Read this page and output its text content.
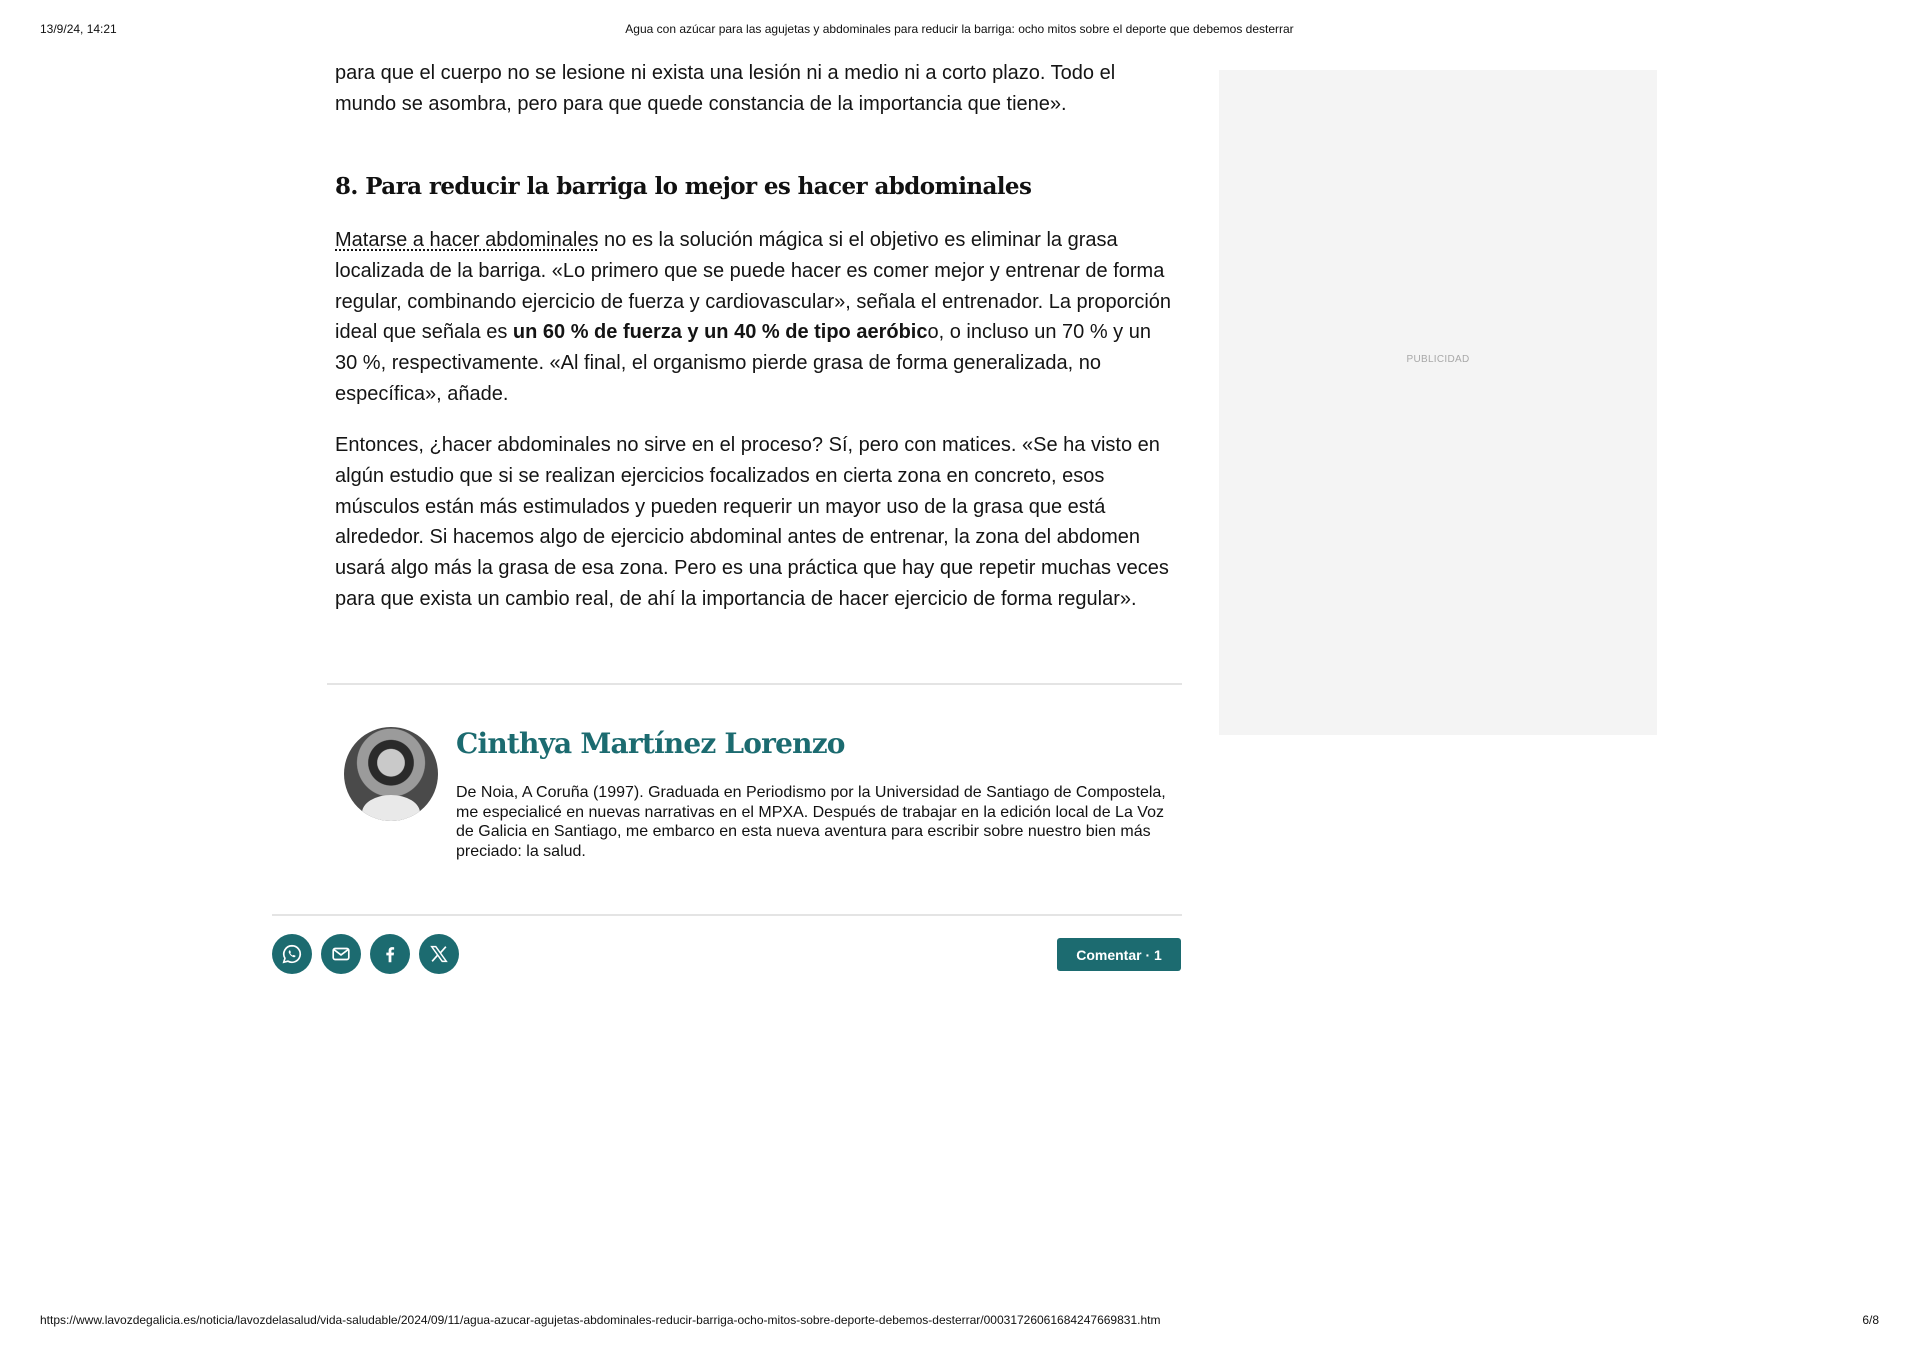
13/9/24, 14:21	Agua con azúcar para las agujetas y abdominales para reducir la barriga: ocho mitos sobre el deporte que debemos desterrar

para que el cuerpo no se lesione ni exista una lesión ni a medio ni a corto plazo. Todo el mundo se asombra, pero para que quede constancia de la importancia que tiene».

8. Para reducir la barriga lo mejor es hacer abdominales

Matarse a hacer abdominales no es la solución mágica si el objetivo es eliminar la grasa localizada de la barriga. «Lo primero que se puede hacer es comer mejor y entrenar de forma regular, combinando ejercicio de fuerza y cardiovascular», señala el entrenador. La proporción ideal que señala es un 60 % de fuerza y un 40 % de tipo aeróbico, o incluso un 70 % y un 30 %, respectivamente. «Al final, el organismo pierde grasa de forma generalizada, no específica», añade.

Entonces, ¿hacer abdominales no sirve en el proceso? Sí, pero con matices. «Se ha visto en algún estudio que si se realizan ejercicios focalizados en cierta zona en concreto, esos músculos están más estimulados y pueden requerir un mayor uso de la grasa que está alrededor. Si hacemos algo de ejercicio abdominal antes de entrenar, la zona del abdomen usará algo más la grasa de esa zona. Pero es una práctica que hay que repetir muchas veces para que exista un cambio real, de ahí la importancia de hacer ejercicio de forma regular».

Cinthya Martínez Lorenzo
De Noia, A Coruña (1997). Graduada en Periodismo por la Universidad de Santiago de Compostela, me especialicé en nuevas narrativas en el MPXA. Después de trabajar en la edición local de La Voz de Galicia en Santiago, me embarco en esta nueva aventura para escribir sobre nuestro bien más preciado: la salud.
Comentar · 1
PUBLICIDAD
https://www.lavozdegalicia.es/noticia/lavozdelasalud/vida-saludable/2024/09/11/agua-azucar-agujetas-abdominales-reducir-barriga-ocho-mitos-sobre-deporte-debemos-desterrar/00031726061684247669831.htm	6/8
